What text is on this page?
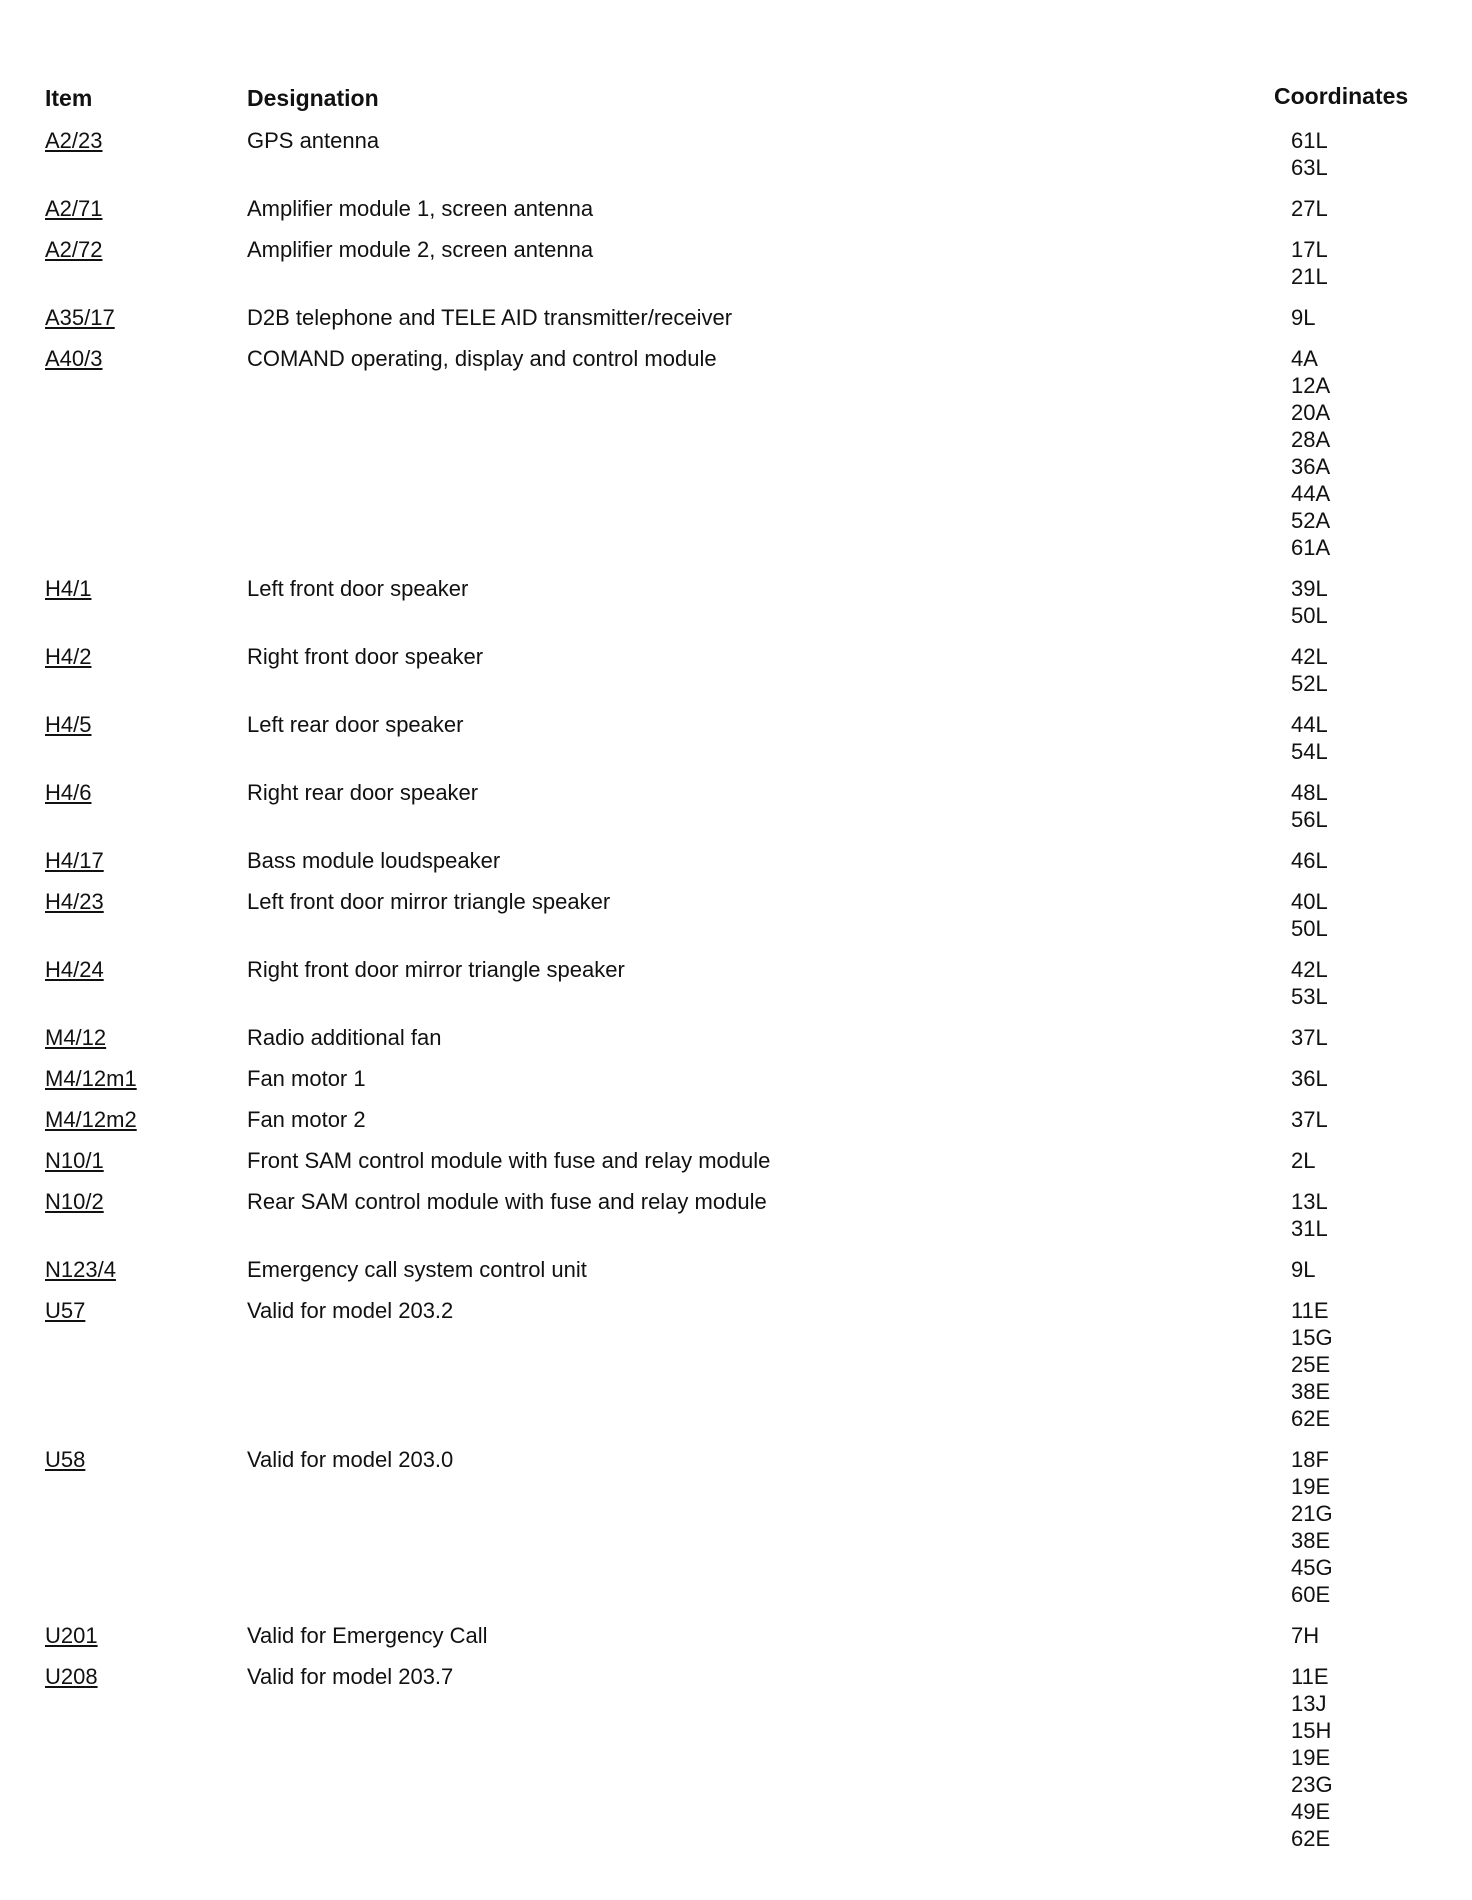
Item	Designation	Coordinates
A2/23	GPS antenna	61L
63L
A2/71	Amplifier module 1, screen antenna	27L
A2/72	Amplifier module 2, screen antenna	17L
21L
A35/17	D2B telephone and TELE AID transmitter/receiver	9L
A40/3	COMAND operating, display and control module	4A
12A
20A
28A
36A
44A
52A
61A
H4/1	Left front door speaker	39L
50L
H4/2	Right front door speaker	42L
52L
H4/5	Left rear door speaker	44L
54L
H4/6	Right rear door speaker	48L
56L
H4/17	Bass module loudspeaker	46L
H4/23	Left front door mirror triangle speaker	40L
50L
H4/24	Right front door mirror triangle speaker	42L
53L
M4/12	Radio additional fan	37L
M4/12m1	Fan motor 1	36L
M4/12m2	Fan motor 2	37L
N10/1	Front SAM control module with fuse and relay module	2L
N10/2	Rear SAM control module with fuse and relay module	13L
31L
N123/4	Emergency call system control unit	9L
U57	Valid for model 203.2	11E
15G
25E
38E
62E
U58	Valid for model 203.0	18F
19E
21G
38E
45G
60E
U201	Valid for Emergency Call	7H
U208	Valid for model 203.7	11E
13J
15H
19E
23G
49E
62E
